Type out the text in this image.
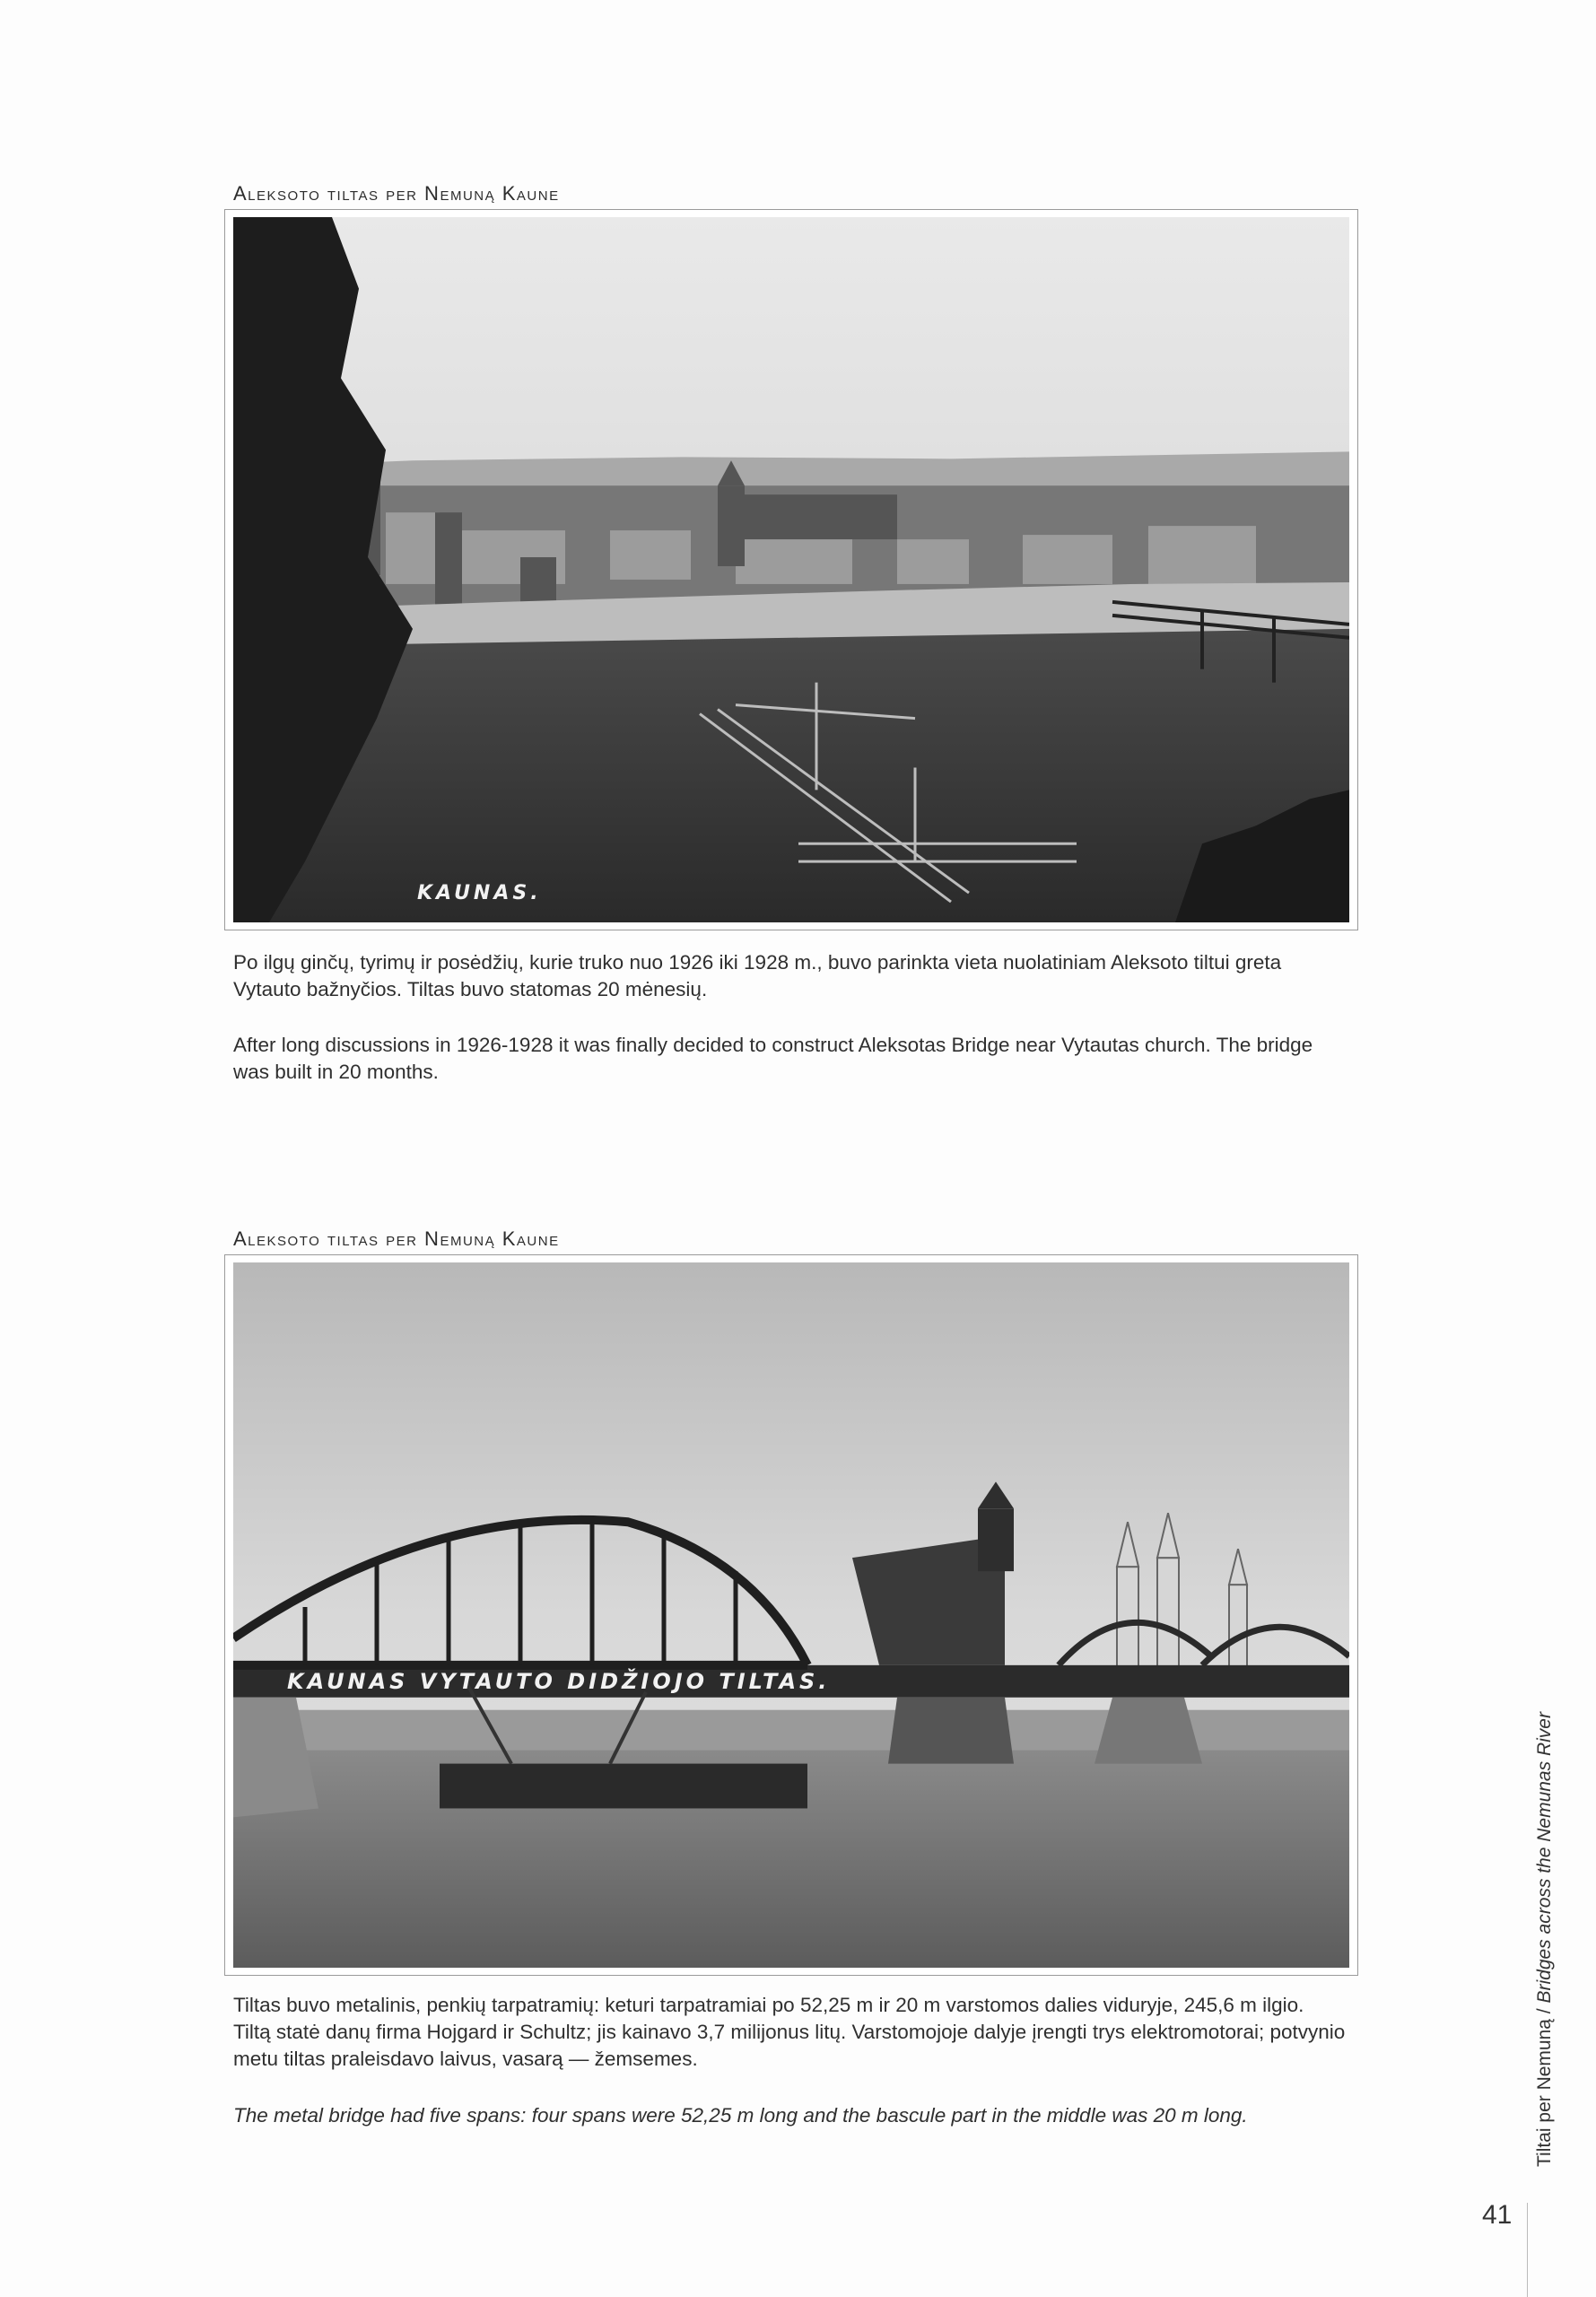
Aleksoto tiltas per Nemuną Kaune
KAUNAS.
Po ilgų ginčų, tyrimų ir posėdžių, kurie truko nuo 1926 iki 1928 m., buvo parinkta vieta nuolatiniam Aleksoto tiltui greta Vytauto bažnyčios. Tiltas buvo statomas 20 mėnesių.
After long discussions in 1926-1928 it was finally decided to construct Aleksotas Bridge near Vytautas church. The bridge was built in 20 months.
Aleksoto tiltas per Nemuną Kaune
KAUNAS VYTAUTO DIDŽIOJO TILTAS.
Tiltas buvo metalinis, penkių tarpatramių: keturi tarpatramiai po 52,25 m ir 20 m varstomos dalies viduryje, 245,6 m ilgio. Tiltą statė danų firma Hojgard ir Schultz; jis kainavo 3,7 milijonus litų. Varstomojoje dalyje įrengti trys elektromotorai; potvynio metu tiltas praleisdavo laivus, vasarą — žemsemes.
The metal bridge had five spans: four spans were 52,25 m long and the bascule part in the middle was 20 m long.	Tiltai per Nemuną / Bridges across the Nemunas River
41
